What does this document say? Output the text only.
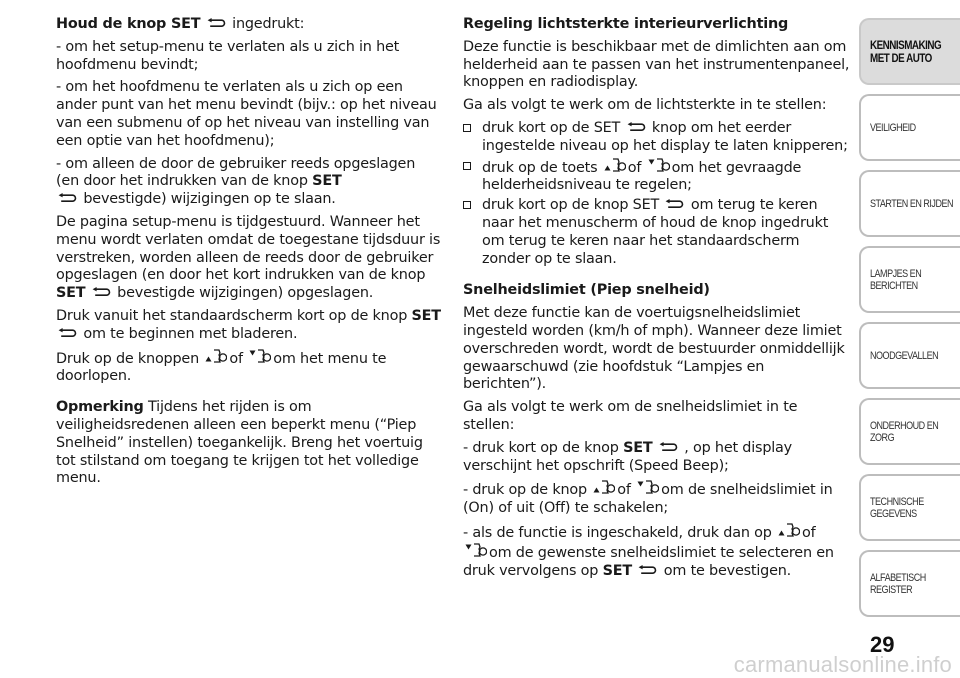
Houd de knop SET ingedrukt:

- om het setup-menu te verlaten als u zich in het hoofdmenu bevindt;

- om het hoofdmenu te verlaten als u zich op een ander punt van het menu bevindt (bijv.: op het niveau van een submenu of op het niveau van instelling van een optie van het hoofdmenu);

- om alleen de door de gebruiker reeds opgeslagen (en door het indrukken van de knop SET

bevestigde) wijzigingen op te slaan.

De pagina setup-menu is tijdgestuurd. Wanneer het menu wordt verlaten omdat de toegestane tijdsduur is verstreken, worden alleen de reeds door de gebruiker opgeslagen (en door het kort indrukken van de knop SET bevestigde wijzigingen) opgeslagen.

Druk vanuit het standaardscherm kort op de knop SET
om te beginnen met bladeren.

Druk op de knoppen of om het menu te doorlopen.

Opmerking Tijdens het rijden is om veiligheidsredenen alleen een beperkt menu (“Piep Snelheid” instellen) toegankelijk. Breng het voertuig tot stilstand om toegang te krijgen tot het volledige menu.

Regeling lichtsterkte interieurverlichting

Deze functie is beschikbaar met de dimlichten aan om helderheid aan te passen van het instrumentenpaneel, knoppen en radiodisplay.

Ga als volgt te werk om de lichtsterkte in te stellen:

druk kort op de SET knop om het eerder ingestelde niveau op het display te laten knipperen;
druk op de toets of om het gevraagde helderheidsniveau te regelen;
druk kort op de knop SET om terug te keren naar het menuscherm of houd de knop ingedrukt om terug te keren naar het standaardscherm zonder op te slaan.
Snelheidslimiet (Piep snelheid)

Met deze functie kan de voertuigsnelheidslimiet ingesteld worden (km/h of mph). Wanneer deze limiet overschreden wordt, wordt de bestuurder onmiddellijk gewaarschuwd (zie hoofdstuk “Lampjes en berichten”).

Ga als volgt te werk om de snelheidslimiet in te stellen:

- druk kort op de knop SET , op het display verschijnt het opschrift (Speed Beep);

- druk op de knop of om de snelheidslimiet in (On) of uit (Off) te schakelen;

- als de functie is ingeschakeld, druk dan op of

om de gewenste snelheidslimiet te selecteren en druk vervolgens op SET om te bevestigen.

KENNISMAKING MET DE AUTO
VEILIGHEID
STARTEN EN RIJDEN
LAMPJES EN BERICHTEN
NOODGEVALLEN
ONDERHOUD EN ZORG
TECHNISCHE GEGEVENS
ALFABETISCH REGISTER
29
carmanualsonline.info
